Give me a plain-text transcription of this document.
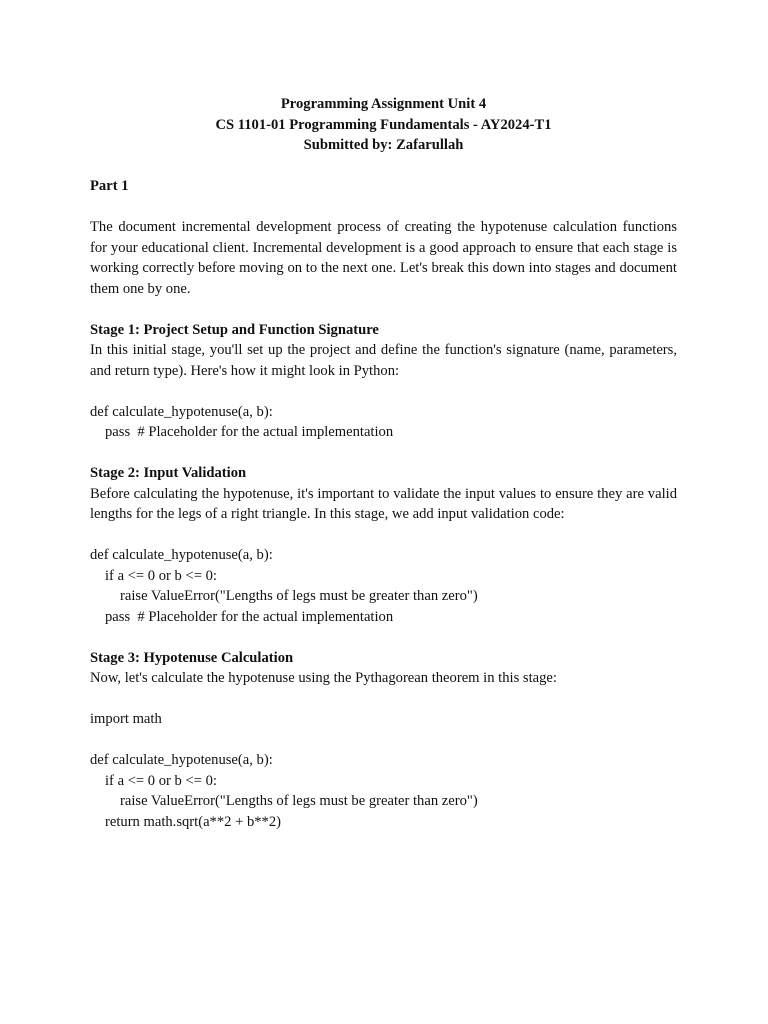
Programming Assignment Unit 4
CS 1101-01 Programming Fundamentals - AY2024-T1
Submitted by: Zafarullah
Part 1

The document incremental development process of creating the hypotenuse calculation functions for your educational client. Incremental development is a good approach to ensure that each stage is working correctly before moving on to the next one. Let's break this down into stages and document them one by one.

Stage 1: Project Setup and Function Signature

In this initial stage, you'll set up the project and define the function's signature (name, parameters, and return type). Here's how it might look in Python:

def calculate_hypotenuse(a, b):
pass  # Placeholder for the actual implementation
Stage 2: Input Validation

Before calculating the hypotenuse, it's important to validate the input values to ensure they are valid lengths for the legs of a right triangle. In this stage, we add input validation code:

def calculate_hypotenuse(a, b):
if a <= 0 or b <= 0:
raise ValueError("Lengths of legs must be greater than zero")
pass  # Placeholder for the actual implementation
Stage 3: Hypotenuse Calculation

Now, let's calculate the hypotenuse using the Pythagorean theorem in this stage:

import math
def calculate_hypotenuse(a, b):
if a <= 0 or b <= 0:
raise ValueError("Lengths of legs must be greater than zero")
return math.sqrt(a**2 + b**2)
